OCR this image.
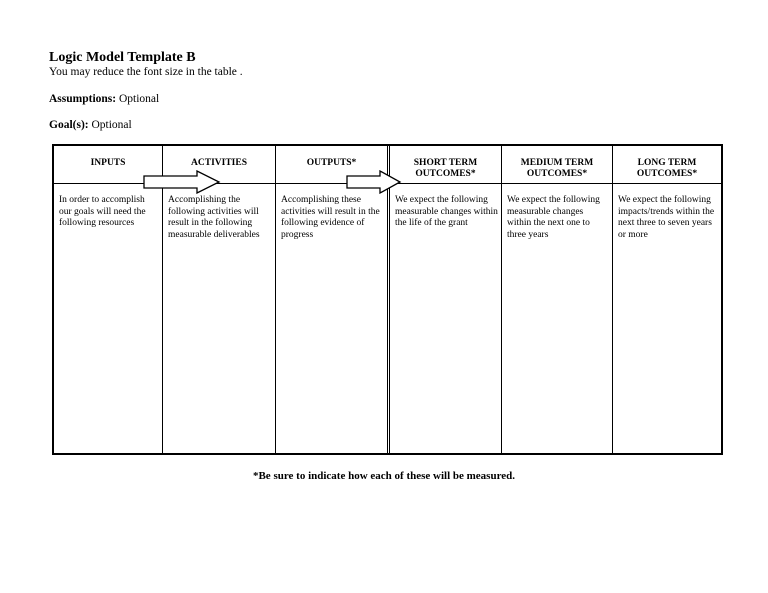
Logic Model Template B
You may reduce the font size in the table .
Assumptions: Optional
Goal(s): Optional
INPUTS
In order to accomplish our goals will need the following resources
ACTIVITIES
Accomplishing the following activities will result in the following measurable deliverables
OUTPUTS*
Accomplishing these activities will result in the following evidence of progress
SHORT TERM OUTCOMES*
We expect the following measurable changes within the life of the grant
MEDIUM TERM OUTCOMES*
We expect the following measurable changes within the next one to three years
LONG TERM OUTCOMES*
We expect the following impacts/trends within the next three to seven years or more
*Be sure to indicate how each of these will be measured.
